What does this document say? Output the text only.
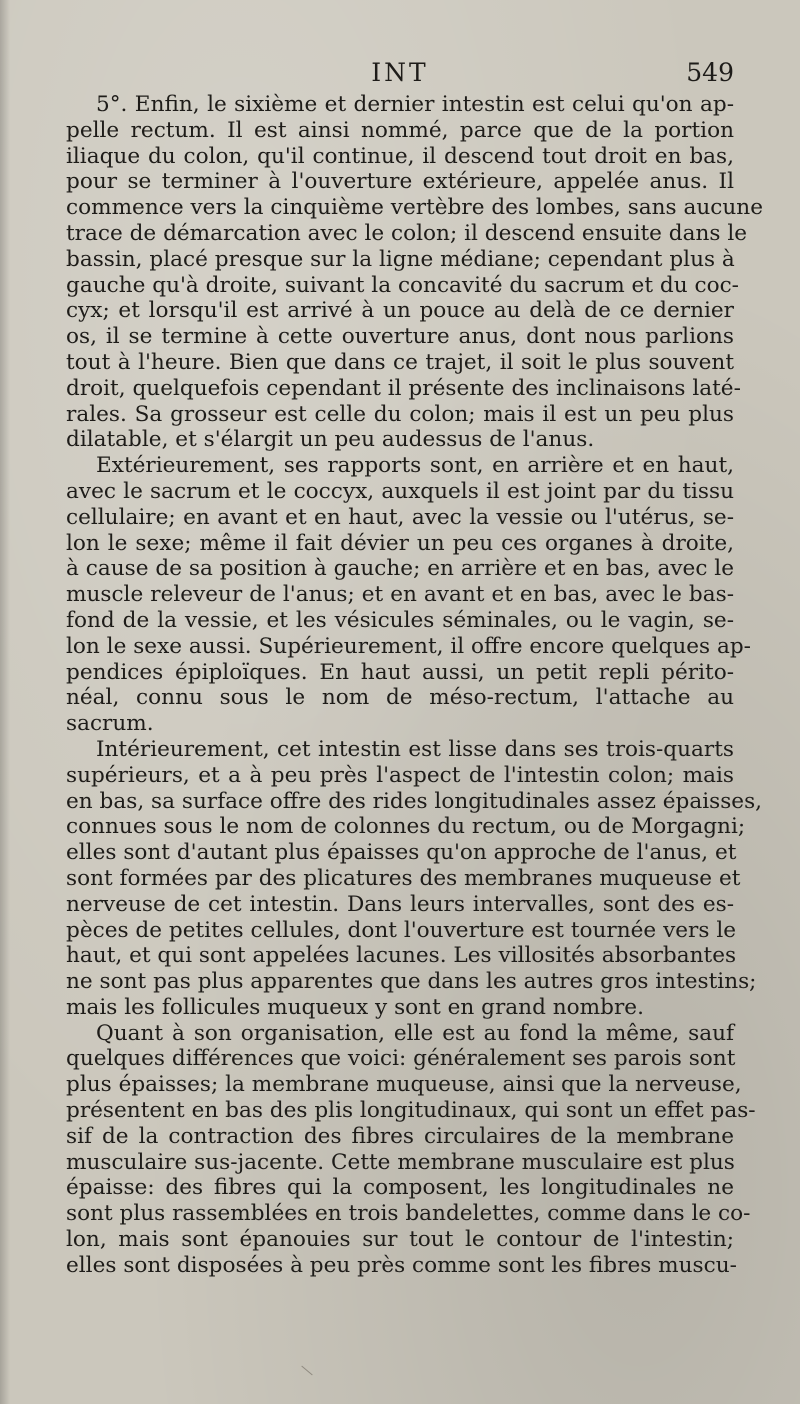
INT	549
5°. Enfin, le sixième et dernier intestin est celui qu'on ap-
pelle rectum. Il est ainsi nommé, parce que de la portion
iliaque du colon, qu'il continue, il descend tout droit en bas,
pour se terminer à l'ouverture extérieure, appelée anus. Il
commence vers la cinquième vertèbre des lombes, sans aucune
trace de démarcation avec le colon; il descend ensuite dans le
bassin, placé presque sur la ligne médiane; cependant plus à
gauche qu'à droite, suivant la concavité du sacrum et du coc-
cyx; et lorsqu'il est arrivé à un pouce au delà de ce dernier
os, il se termine à cette ouverture anus, dont nous parlions
tout à l'heure. Bien que dans ce trajet, il soit le plus souvent
droit, quelquefois cependant il présente des inclinaisons laté-
rales. Sa grosseur est celle du colon; mais il est un peu plus
dilatable, et s'élargit un peu audessus de l'anus.
Extérieurement, ses rapports sont, en arrière et en haut,
avec le sacrum et le coccyx, auxquels il est joint par du tissu
cellulaire; en avant et en haut, avec la vessie ou l'utérus, se-
lon le sexe; même il fait dévier un peu ces organes à droite,
à cause de sa position à gauche; en arrière et en bas, avec le
muscle releveur de l'anus; et en avant et en bas, avec le bas-
fond de la vessie, et les vésicules séminales, ou le vagin, se-
lon le sexe aussi. Supérieurement, il offre encore quelques ap-
pendices épiploïques. En haut aussi, un petit repli périto-
néal, connu sous le nom de méso-rectum, l'attache au
sacrum.
Intérieurement, cet intestin est lisse dans ses trois-quarts
supérieurs, et a à peu près l'aspect de l'intestin colon; mais
en bas, sa surface offre des rides longitudinales assez épaisses,
connues sous le nom de colonnes du rectum, ou de Morgagni;
elles sont d'autant plus épaisses qu'on approche de l'anus, et
sont formées par des plicatures des membranes muqueuse et
nerveuse de cet intestin. Dans leurs intervalles, sont des es-
pèces de petites cellules, dont l'ouverture est tournée vers le
haut, et qui sont appelées lacunes. Les villosités absorbantes
ne sont pas plus apparentes que dans les autres gros intestins;
mais les follicules muqueux y sont en grand nombre.
Quant à son organisation, elle est au fond la même, sauf
quelques différences que voici: généralement ses parois sont
plus épaisses; la membrane muqueuse, ainsi que la nerveuse,
présentent en bas des plis longitudinaux, qui sont un effet pas-
sif de la contraction des fibres circulaires de la membrane
musculaire sus-jacente. Cette membrane musculaire est plus
épaisse: des fibres qui la composent, les longitudinales ne
sont plus rassemblées en trois bandelettes, comme dans le co-
lon, mais sont épanouies sur tout le contour de l'intestin;
elles sont disposées à peu près comme sont les fibres muscu-
